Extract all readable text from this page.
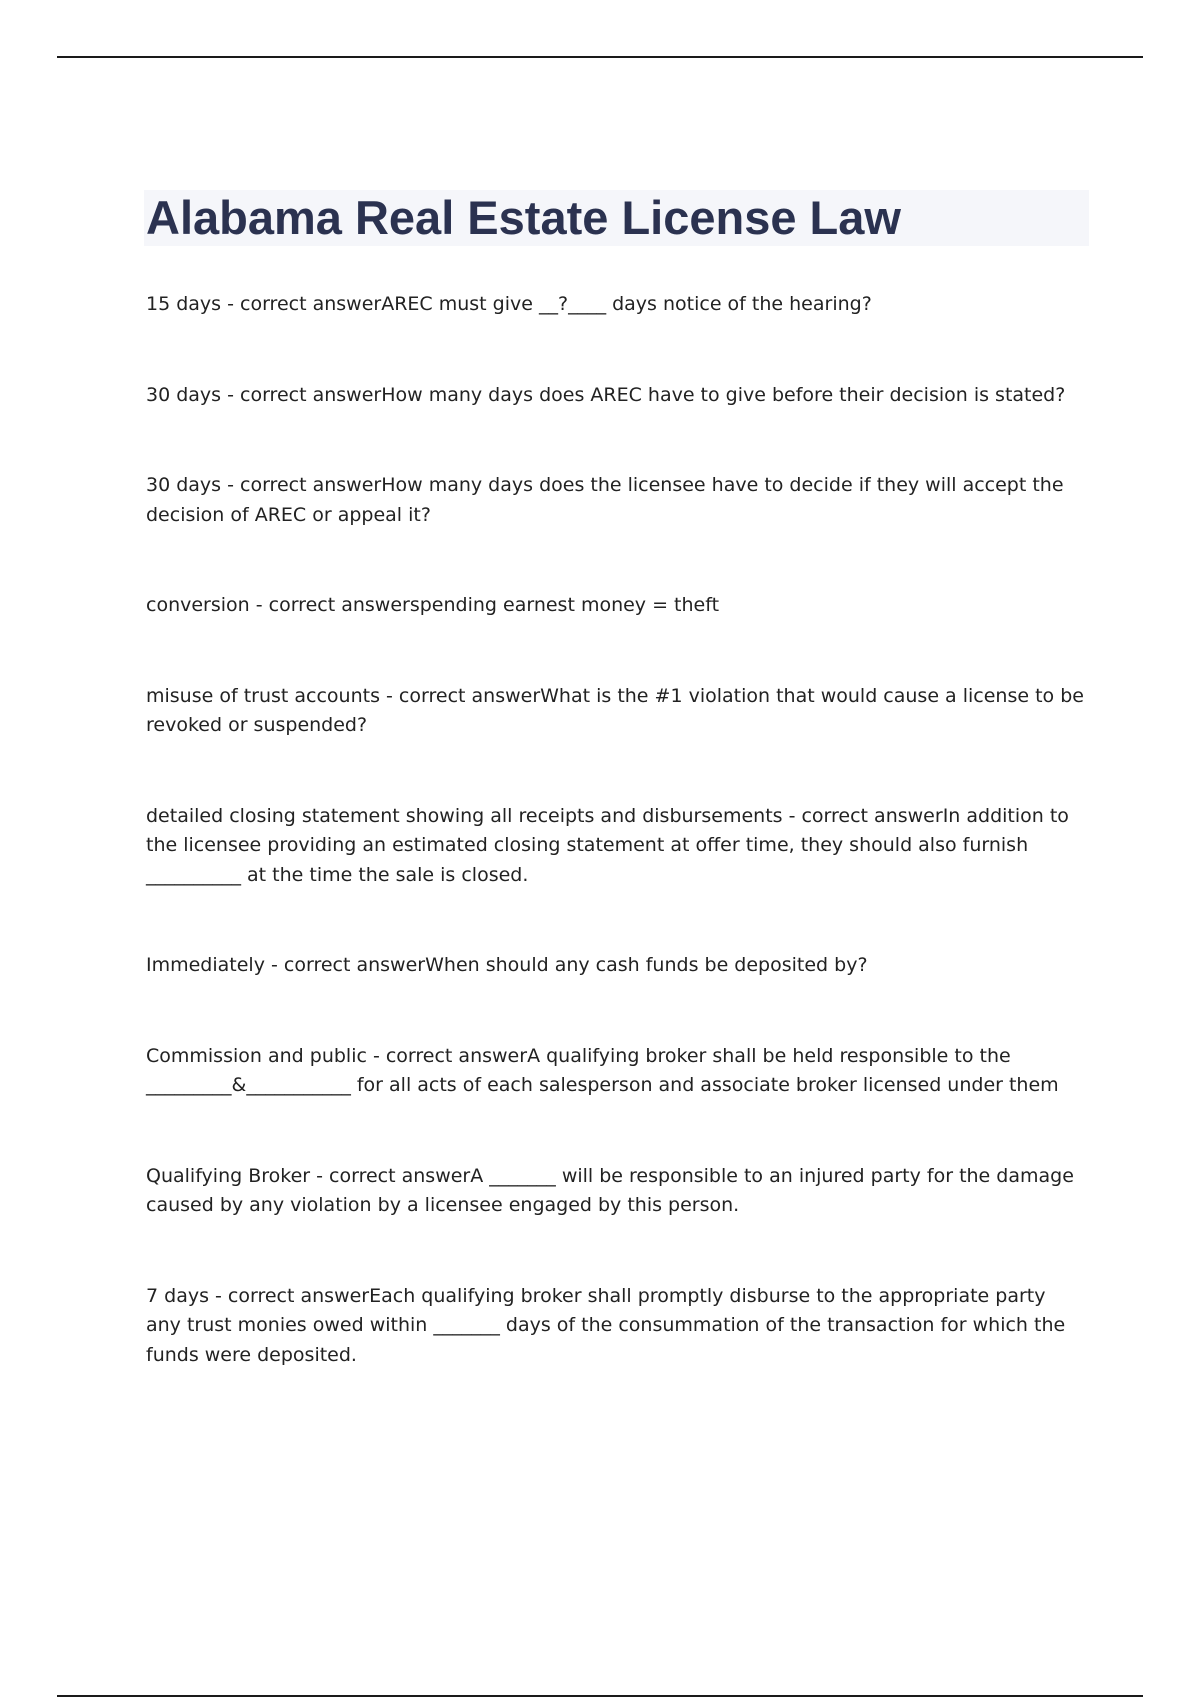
Alabama Real Estate License Law

15 days - correct answerAREC must give __?____ days notice of the hearing?

30 days - correct answerHow many days does AREC have to give before their decision is stated?

30 days - correct answerHow many days does the licensee have to decide if they will accept the decision of AREC or appeal it?

conversion - correct answerspending earnest money = theft

misuse of trust accounts - correct answerWhat is the #1 violation that would cause a license to be revoked or suspended?

detailed closing statement showing all receipts and disbursements - correct answerIn addition to the licensee providing an estimated closing statement at offer time, they should also furnish __________ at the time the sale is closed.

Immediately - correct answerWhen should any cash funds be deposited by?

Commission and public - correct answerA qualifying broker shall be held responsible to the _________&___________ for all acts of each salesperson and associate broker licensed under them

Qualifying Broker - correct answerA _______ will be responsible to an injured party for the damage caused by any violation by a licensee engaged by this person.

7 days - correct answerEach qualifying broker shall promptly disburse to the appropriate party any trust monies owed within _______ days of the consummation of the transaction for which the funds were deposited.
